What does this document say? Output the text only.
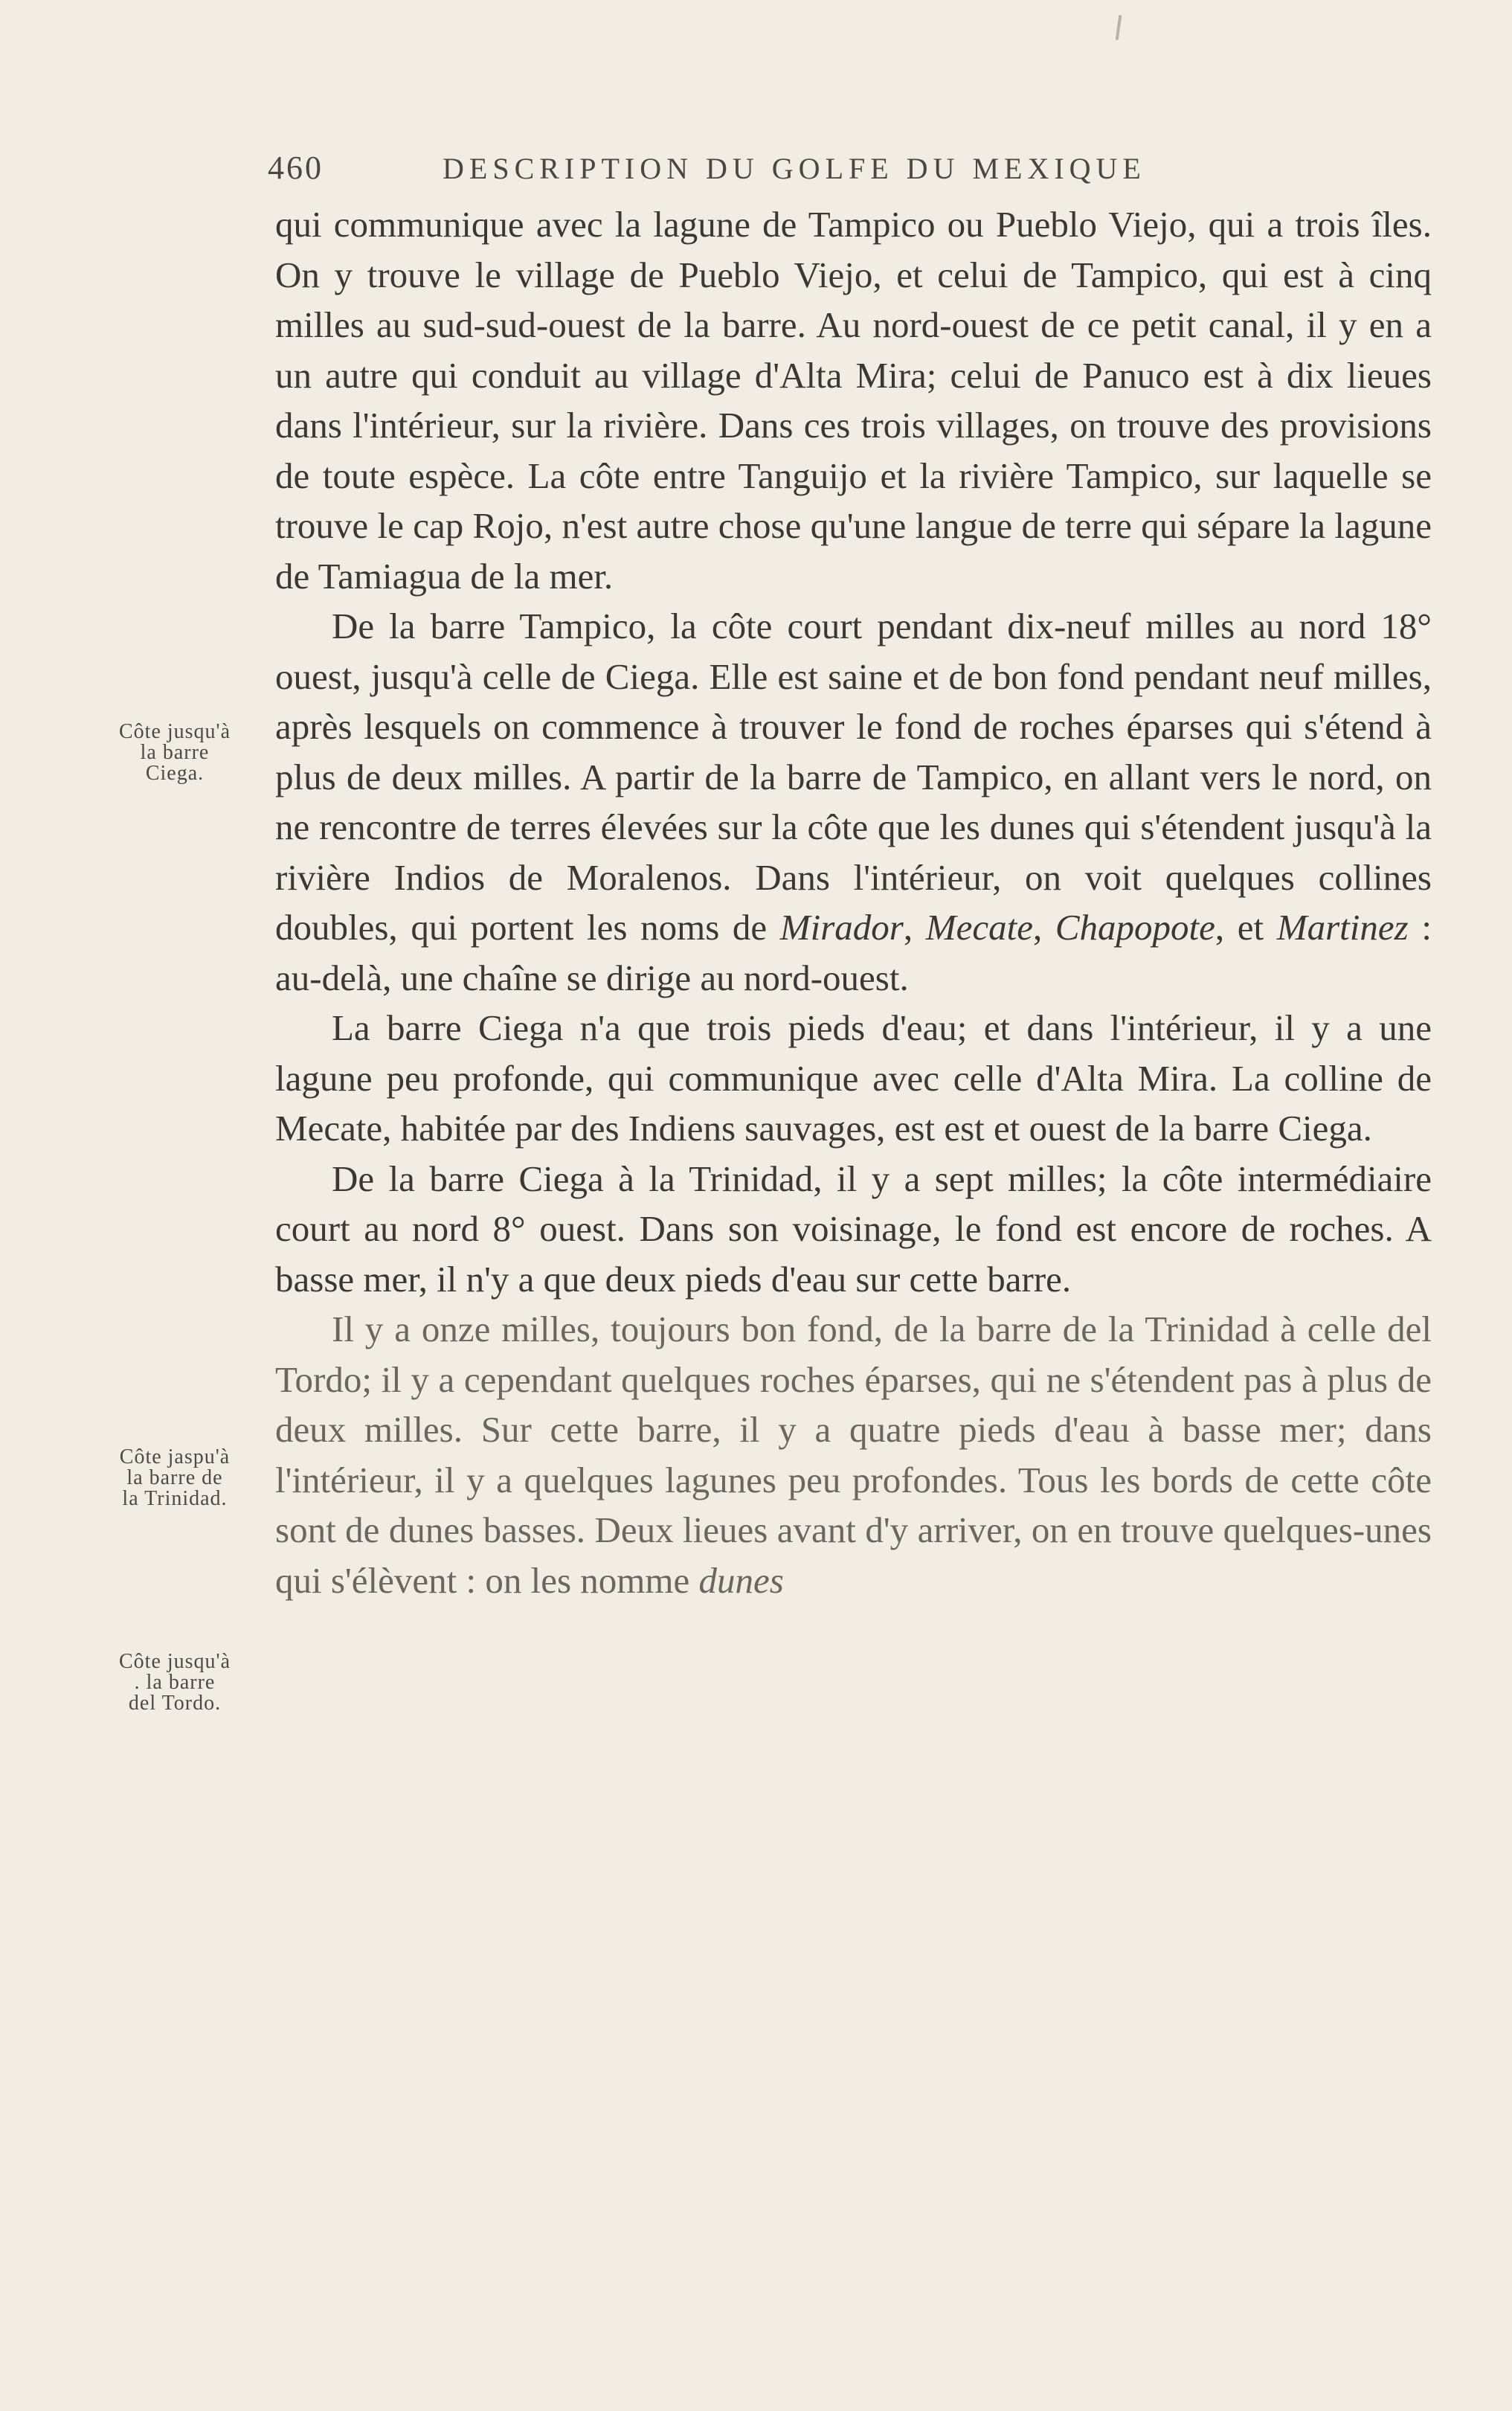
460	DESCRIPTION DU GOLFE DU MEXIQUE
Côte jusqu'à
la barre
Ciega.
Côte jaspu'à
la barre de
la Trinidad.
Côte jusqu'à
. la barre
del Tordo.

qui communique avec la lagune de Tampico ou Pueblo Viejo, qui a trois îles. On y trouve le village de Pueblo Viejo, et celui de Tampico, qui est à cinq milles au sud-sud-ouest de la barre. Au nord-ouest de ce petit canal, il y en a un autre qui conduit au village d'Alta Mira; celui de Panuco est à dix lieues dans l'intérieur, sur la rivière. Dans ces trois villages, on trouve des provisions de toute espèce. La côte entre Tanguijo et la rivière Tampico, sur laquelle se trouve le cap Rojo, n'est autre chose qu'une langue de terre qui sépare la lagune de Tamiagua de la mer.

De la barre Tampico, la côte court pendant dix-neuf milles au nord 18° ouest, jusqu'à celle de Ciega. Elle est saine et de bon fond pendant neuf milles, après lesquels on commence à trouver le fond de roches éparses qui s'étend à plus de deux milles. A partir de la barre de Tampico, en allant vers le nord, on ne rencontre de terres élevées sur la côte que les dunes qui s'étendent jusqu'à la rivière Indios de Moralenos. Dans l'intérieur, on voit quelques collines doubles, qui portent les noms de Mirador, Mecate, Chapopote, et Martinez : au-delà, une chaîne se dirige au nord-ouest.

La barre Ciega n'a que trois pieds d'eau; et dans l'intérieur, il y a une lagune peu profonde, qui communique avec celle d'Alta Mira. La colline de Mecate, habitée par des Indiens sauvages, est est et ouest de la barre Ciega.

De la barre Ciega à la Trinidad, il y a sept milles; la côte intermédiaire court au nord 8° ouest. Dans son voisinage, le fond est encore de roches. A basse mer, il n'y a que deux pieds d'eau sur cette barre.

Il y a onze milles, toujours bon fond, de la barre de la Trinidad à celle del Tordo; il y a cependant quelques roches éparses, qui ne s'étendent pas à plus de deux milles. Sur cette barre, il y a quatre pieds d'eau à basse mer; dans l'intérieur, il y a quelques lagunes peu profondes. Tous les bords de cette côte sont de dunes basses. Deux lieues avant d'y arriver, on en trouve quelques-unes qui s'élèvent : on les nomme dunes
